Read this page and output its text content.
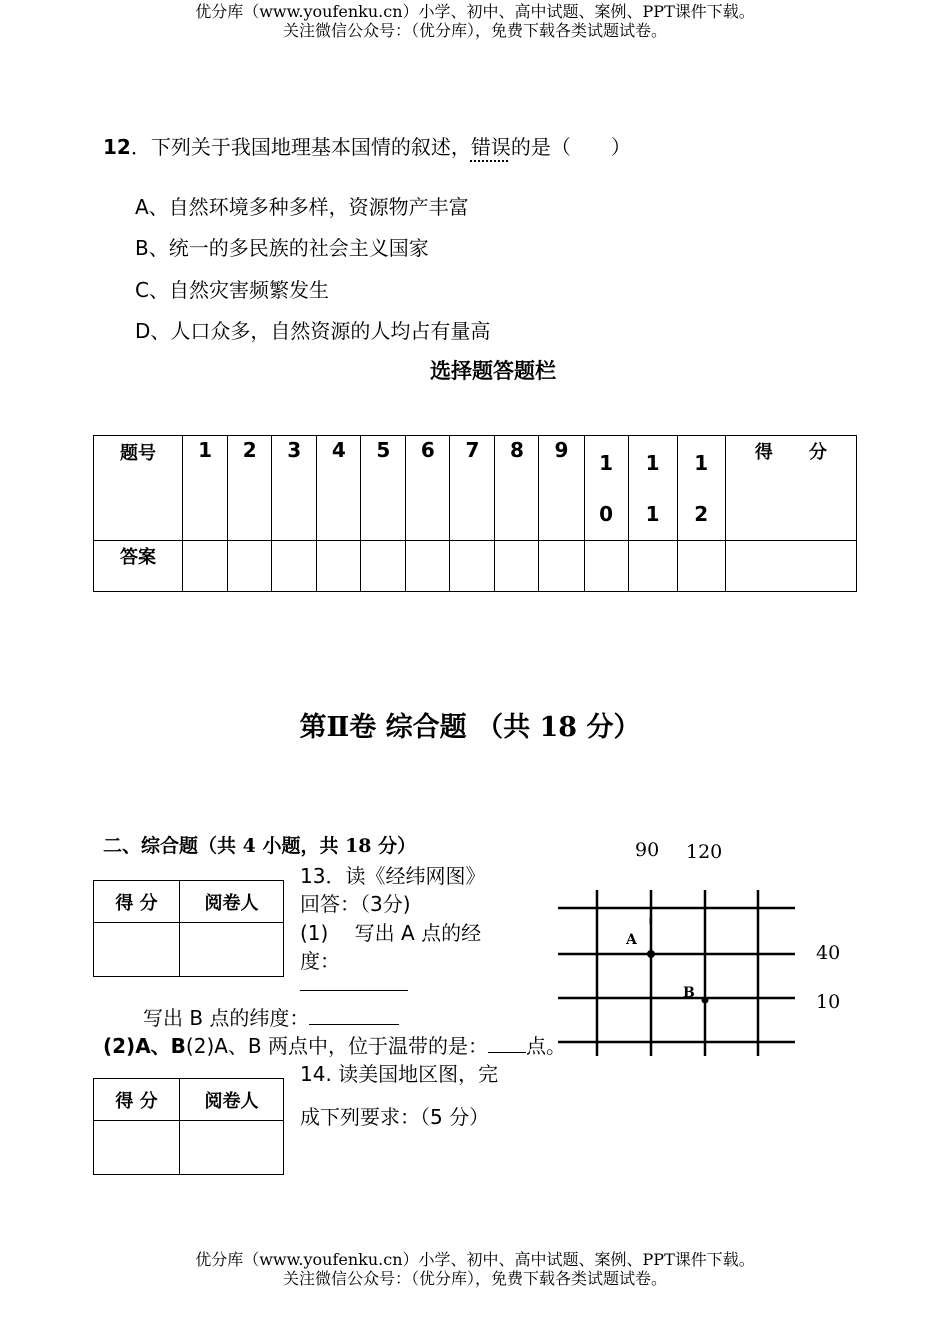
优分库（www.youfenku.cn）小学、初中、高中试题、案例、PPT课件下载。
关注微信公众号：（优分库），免费下载各类试题试卷。
12．下列关于我国地理基本国情的叙述，错误的是（　　）
A、自然环境多种多样，资源物产丰富
B、统一的多民族的社会主义国家
C、自然灾害频繁发生
D、人口众多，自然资源的人均占有量高
选择题答题栏
题号	1	2	3	4	5	6	7	8	9	1 0	1 1	1 2	得　　分
答案													
第Ⅱ卷 综合题 （共 18 分）
二、综合题（共 4 小题，共 18 分）
得 分	阅卷人

13．读《经纬网图》
回答：（3分)
(1)　 写出 A 点的经
度：
写出 B 点的纬度：
(2)A、B(2)A、B 两点中，位于温带的是： 点。
得 分	阅卷人

14. 读美国地区图，完
成下列要求：（5 分）
90 120
40
10
A
B
优分库（www.youfenku.cn）小学、初中、高中试题、案例、PPT课件下载。
关注微信公众号：（优分库），免费下载各类试题试卷。
